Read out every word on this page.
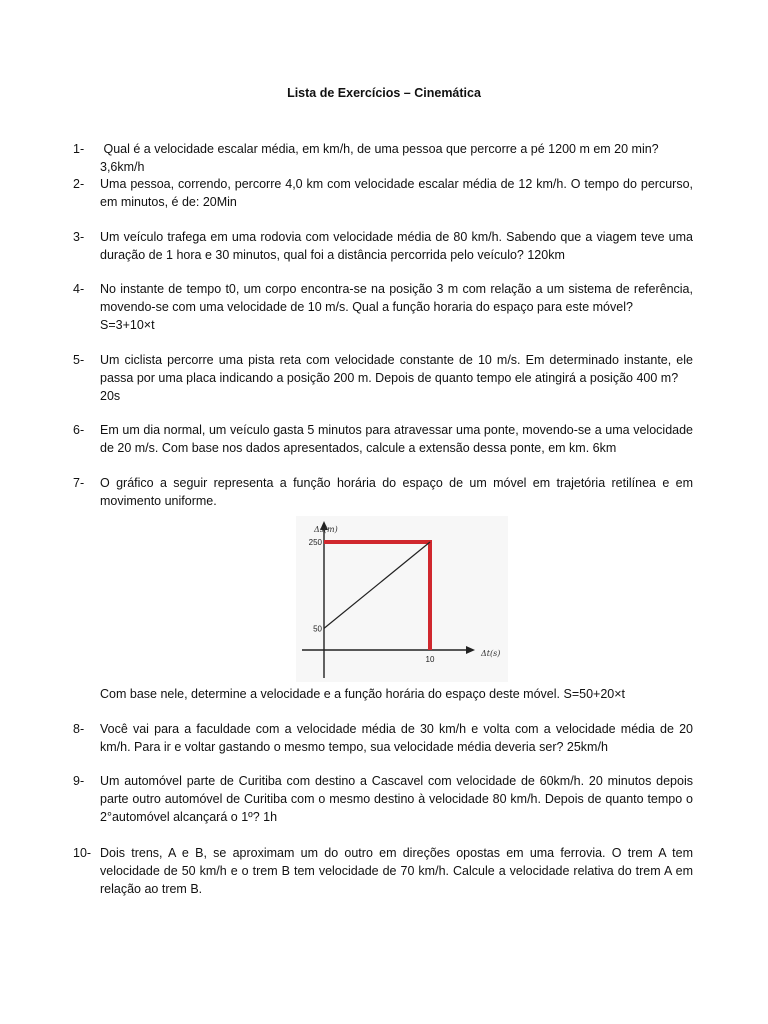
Lista de Exercícios – Cinemática
1- Qual é a velocidade escalar média, em km/h, de uma pessoa que percorre a pé 1200 m em 20 min?
3,6km/h
2- Uma pessoa, correndo, percorre 4,0 km com velocidade escalar média de 12 km/h. O tempo do percurso, em minutos, é de: 20Min
3- Um veículo trafega em uma rodovia com velocidade média de 80 km/h. Sabendo que a viagem teve uma duração de 1 hora e 30 minutos, qual foi a distância percorrida pelo veículo? 120km
4- No instante de tempo t0, um corpo encontra-se na posição 3 m com relação a um sistema de referência, movendo-se com uma velocidade de 10 m/s. Qual a função horaria do espaço para este móvel?
S=3+10×t
5- Um ciclista percorre uma pista reta com velocidade constante de 10 m/s. Em determinado instante, ele passa por uma placa indicando a posição 200 m. Depois de quanto tempo ele atingirá a posição 400 m?
20s
6- Em um dia normal, um veículo gasta 5 minutos para atravessar uma ponte, movendo-se a uma velocidade de 20 m/s. Com base nos dados apresentados, calcule a extensão dessa ponte, em km. 6km
7- O gráfico a seguir representa a função horária do espaço de um móvel em trajetória retilínea e em movimento uniforme.
Δs(m)
Δt(s)
250
50
10
Com base nele, determine a velocidade e a função horária do espaço deste móvel. S=50+20×t
8- Você vai para a faculdade com a velocidade média de 30 km/h e volta com a velocidade média de 20 km/h. Para ir e voltar gastando o mesmo tempo, sua velocidade média deveria ser? 25km/h
9- Um automóvel parte de Curitiba com destino a Cascavel com velocidade de 60km/h. 20 minutos depois parte outro automóvel de Curitiba com o mesmo destino à velocidade 80 km/h. Depois de quanto tempo o 2°automóvel alcançará o 1º? 1h
10- Dois trens, A e B, se aproximam um do outro em direções opostas em uma ferrovia. O trem A tem velocidade de 50 km/h e o trem B tem velocidade de 70 km/h. Calcule a velocidade relativa do trem A em relação ao trem B.
